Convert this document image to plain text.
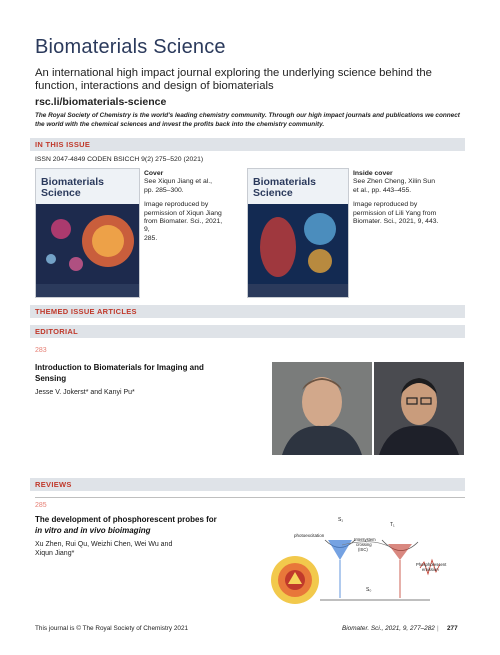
Biomaterials Science
An international high impact journal exploring the underlying science behind the function, interactions and design of biomaterials
rsc.li/biomaterials-science
The Royal Society of Chemistry is the world's leading chemistry community. Through our high impact journals and publications we connect the world with the chemical sciences and invest the profits back into the chemistry community.
IN THIS ISSUE
ISSN 2047-4849 CODEN BSICCH 9(2) 275–520 (2021)
Biomaterials
Science
Cover
See Xiqun Jiang et al.,
pp. 285–300.

Image reproduced by
permission of Xiqun Jiang
from Biomater. Sci., 2021, 9,
285.
Biomaterials
Science
Inside cover
See Zhen Cheng, Xilin Sun
et al., pp. 443–455.

Image reproduced by
permission of Lili Yang from
Biomater. Sci., 2021, 9, 443.
THEMED ISSUE ARTICLES
EDITORIAL
283
Introduction to Biomaterials for Imaging and
Sensing
Jesse V. Jokerst* and Kanyi Pu*
REVIEWS
285
The development of phosphorescent probes for
in vitro and in vivo bioimaging
Xu Zhen, Rui Qu, Weizhi Chen, Wei Wu and
Xiqun Jiang*
S₁
T₁
S₀
photoexcitation
Intersystem
crossing
(ISC)
Phosphorescent
emission
This journal is © The Royal Society of Chemistry 2021	Biomater. Sci., 2021, 9, 277–282 | 277
